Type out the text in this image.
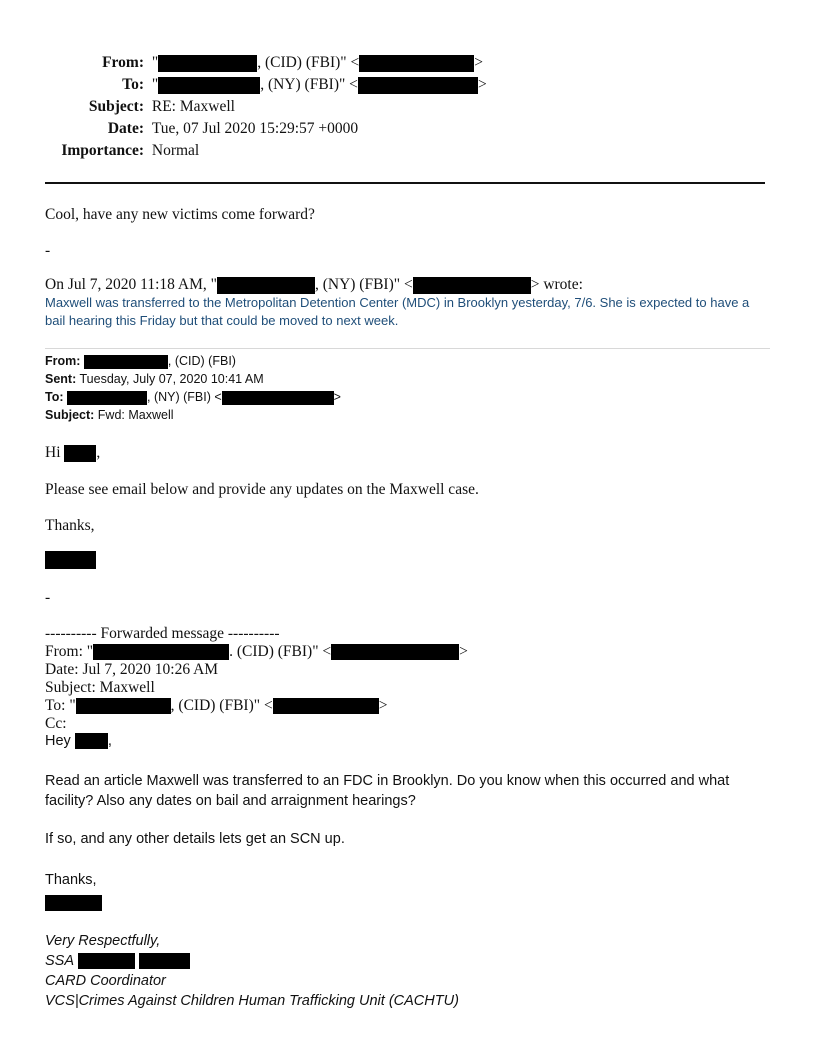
From: "	, (CID) (FBI)" <	>
To: "	, (NY) (FBI)" <	>
Subject: RE: Maxwell
Date: Tue, 07 Jul 2020 15:29:57 +0000
Importance: Normal
Cool, have any new victims come forward?
-
On Jul 7, 2020 11:18 AM, "	, (NY) (FBI)" <	> wrote:
Maxwell was transferred to the Metropolitan Detention Center (MDC) in Brooklyn yesterday, 7/6. She is expected to have a bail hearing this Friday but that could be moved to next week.
From:	, (CID) (FBI)
Sent: Tuesday, July 07, 2020 10:41 AM
To:	, (NY) (FBI) <	>
Subject: Fwd: Maxwell
Hi ,
Please see email below and provide any updates on the Maxwell case.
Thanks,
-
---------- Forwarded message ----------
From: "	. (CID) (FBI)" <	>
Date: Jul 7, 2020 10:26 AM
Subject: Maxwell
To: "	, (CID) (FBI)" <	>
Cc:
Hey	,
Read an article Maxwell was transferred to an FDC in Brooklyn. Do you know when this occurred and what facility? Also any dates on bail and arraignment hearings?
If so, and any other details lets get an SCN up.
Thanks,
Very Respectfully,
SSA
CARD Coordinator
VCS|Crimes Against Children Human Trafficking Unit (CACHTU)
